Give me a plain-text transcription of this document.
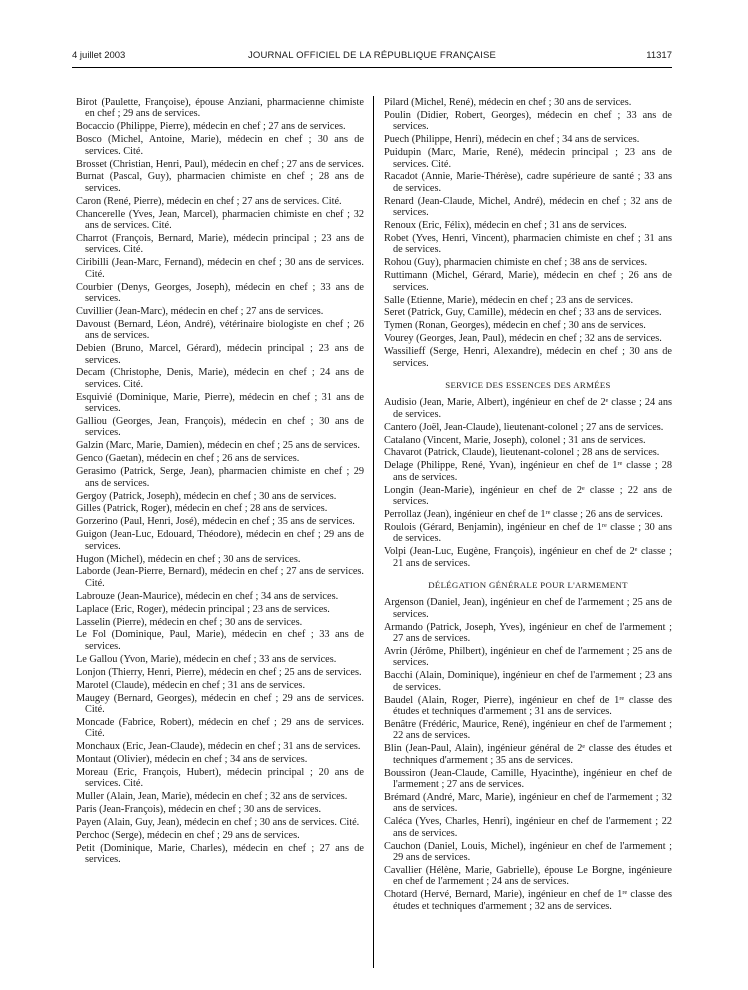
4 juillet 2003	JOURNAL OFFICIEL DE LA RÉPUBLIQUE FRANÇAISE	11317

Birot (Paulette, Françoise), épouse Anziani, pharmacienne chimiste en chef ; 29 ans de services.

Bocaccio (Philippe, Pierre), médecin en chef ; 27 ans de services.

Bosco (Michel, Antoine, Marie), médecin en chef ; 30 ans de services. Cité.

Brosset (Christian, Henri, Paul), médecin en chef ; 27 ans de services.

Burnat (Pascal, Guy), pharmacien chimiste en chef ; 28 ans de services.

Caron (René, Pierre), médecin en chef ; 27 ans de services. Cité.

Chancerelle (Yves, Jean, Marcel), pharmacien chimiste en chef ; 32 ans de services. Cité.

Charrot (François, Bernard, Marie), médecin principal ; 23 ans de services. Cité.

Ciribilli (Jean-Marc, Fernand), médecin en chef ; 30 ans de services. Cité.

Courbier (Denys, Georges, Joseph), médecin en chef ; 33 ans de services.

Cuvillier (Jean-Marc), médecin en chef ; 27 ans de services.

Davoust (Bernard, Léon, André), vétérinaire biologiste en chef ; 26 ans de services.

Debien (Bruno, Marcel, Gérard), médecin principal ; 23 ans de services.

Decam (Christophe, Denis, Marie), médecin en chef ; 24 ans de services. Cité.

Esquivié (Dominique, Marie, Pierre), médecin en chef ; 31 ans de services.

Galliou (Georges, Jean, François), médecin en chef ; 30 ans de services.

Galzin (Marc, Marie, Damien), médecin en chef ; 25 ans de services.

Genco (Gaetan), médecin en chef ; 26 ans de services.

Gerasimo (Patrick, Serge, Jean), pharmacien chimiste en chef ; 29 ans de services.

Gergoy (Patrick, Joseph), médecin en chef ; 30 ans de services.

Gilles (Patrick, Roger), médecin en chef ; 28 ans de services.

Gorzerino (Paul, Henri, José), médecin en chef ; 35 ans de services.

Guigon (Jean-Luc, Edouard, Théodore), médecin en chef ; 29 ans de services.

Hugon (Michel), médecin en chef ; 30 ans de services.

Laborde (Jean-Pierre, Bernard), médecin en chef ; 27 ans de services. Cité.

Labrouze (Jean-Maurice), médecin en chef ; 34 ans de services.

Laplace (Eric, Roger), médecin principal ; 23 ans de services.

Lasselin (Pierre), médecin en chef ; 30 ans de services.

Le Fol (Dominique, Paul, Marie), médecin en chef ; 33 ans de services.

Le Gallou (Yvon, Marie), médecin en chef ; 33 ans de services.

Lonjon (Thierry, Henri, Pierre), médecin en chef ; 25 ans de services.

Marotel (Claude), médecin en chef ; 31 ans de services.

Maugey (Bernard, Georges), médecin en chef ; 29 ans de services. Cité.

Moncade (Fabrice, Robert), médecin en chef ; 29 ans de services. Cité.

Monchaux (Eric, Jean-Claude), médecin en chef ; 31 ans de services.

Montaut (Olivier), médecin en chef ; 34 ans de services.

Moreau (Eric, François, Hubert), médecin principal ; 20 ans de services. Cité.

Muller (Alain, Jean, Marie), médecin en chef ; 32 ans de services.

Paris (Jean-François), médecin en chef ; 30 ans de services.

Payen (Alain, Guy, Jean), médecin en chef ; 30 ans de services. Cité.

Perchoc (Serge), médecin en chef ; 29 ans de services.

Petit (Dominique, Marie, Charles), médecin en chef ; 27 ans de services.

Pilard (Michel, René), médecin en chef ; 30 ans de services.

Poulin (Didier, Robert, Georges), médecin en chef ; 33 ans de services.

Puech (Philippe, Henri), médecin en chef ; 34 ans de services.

Puidupin (Marc, Marie, René), médecin principal ; 23 ans de services. Cité.

Racadot (Annie, Marie-Thérèse), cadre supérieure de santé ; 33 ans de services.

Renard (Jean-Claude, Michel, André), médecin en chef ; 32 ans de services.

Renoux (Eric, Félix), médecin en chef ; 31 ans de services.

Robet (Yves, Henri, Vincent), pharmacien chimiste en chef ; 31 ans de services.

Rohou (Guy), pharmacien chimiste en chef ; 38 ans de services.

Ruttimann (Michel, Gérard, Marie), médecin en chef ; 26 ans de services.

Salle (Etienne, Marie), médecin en chef ; 23 ans de services.

Seret (Patrick, Guy, Camille), médecin en chef ; 33 ans de services.

Tymen (Ronan, Georges), médecin en chef ; 30 ans de services.

Vourey (Georges, Jean, Paul), médecin en chef ; 32 ans de services.

Wassilieff (Serge, Henri, Alexandre), médecin en chef ; 30 ans de services.

SERVICE DES ESSENCES DES ARMÉES

Audisio (Jean, Marie, Albert), ingénieur en chef de 2ᵉ classe ; 24 ans de services.

Cantero (Joël, Jean-Claude), lieutenant-colonel ; 27 ans de services.

Catalano (Vincent, Marie, Joseph), colonel ; 31 ans de services.

Chavarot (Patrick, Claude), lieutenant-colonel ; 28 ans de services.

Delage (Philippe, René, Yvan), ingénieur en chef de 1ʳᵉ classe ; 28 ans de services.

Longin (Jean-Marie), ingénieur en chef de 2ᵉ classe ; 22 ans de services.

Perrollaz (Jean), ingénieur en chef de 1ʳᵉ classe ; 26 ans de services.

Roulois (Gérard, Benjamin), ingénieur en chef de 1ʳᵉ classe ; 30 ans de services.

Volpi (Jean-Luc, Eugène, François), ingénieur en chef de 2ᵉ classe ; 21 ans de services.

DÉLÉGATION GÉNÉRALE POUR L'ARMEMENT

Argenson (Daniel, Jean), ingénieur en chef de l'armement ; 25 ans de services.

Armando (Patrick, Joseph, Yves), ingénieur en chef de l'armement ; 27 ans de services.

Avrin (Jérôme, Philbert), ingénieur en chef de l'armement ; 25 ans de services.

Bacchi (Alain, Dominique), ingénieur en chef de l'armement ; 23 ans de services.

Baudel (Alain, Roger, Pierre), ingénieur en chef de 1ʳᵉ classe des études et techniques d'armement ; 31 ans de services.

Benâtre (Frédéric, Maurice, René), ingénieur en chef de l'armement ; 22 ans de services.

Blin (Jean-Paul, Alain), ingénieur général de 2ᵉ classe des études et techniques d'armement ; 35 ans de services.

Boussiron (Jean-Claude, Camille, Hyacinthe), ingénieur en chef de l'armement ; 27 ans de services.

Brémard (André, Marc, Marie), ingénieur en chef de l'armement ; 32 ans de services.

Caléca (Yves, Charles, Henri), ingénieur en chef de l'armement ; 22 ans de services.

Cauchon (Daniel, Louis, Michel), ingénieur en chef de l'armement ; 29 ans de services.

Cavallier (Hélène, Marie, Gabrielle), épouse Le Borgne, ingénieure en chef de l'armement ; 24 ans de services.

Chotard (Hervé, Bernard, Marie), ingénieur en chef de 1ʳᵉ classe des études et techniques d'armement ; 32 ans de services.
